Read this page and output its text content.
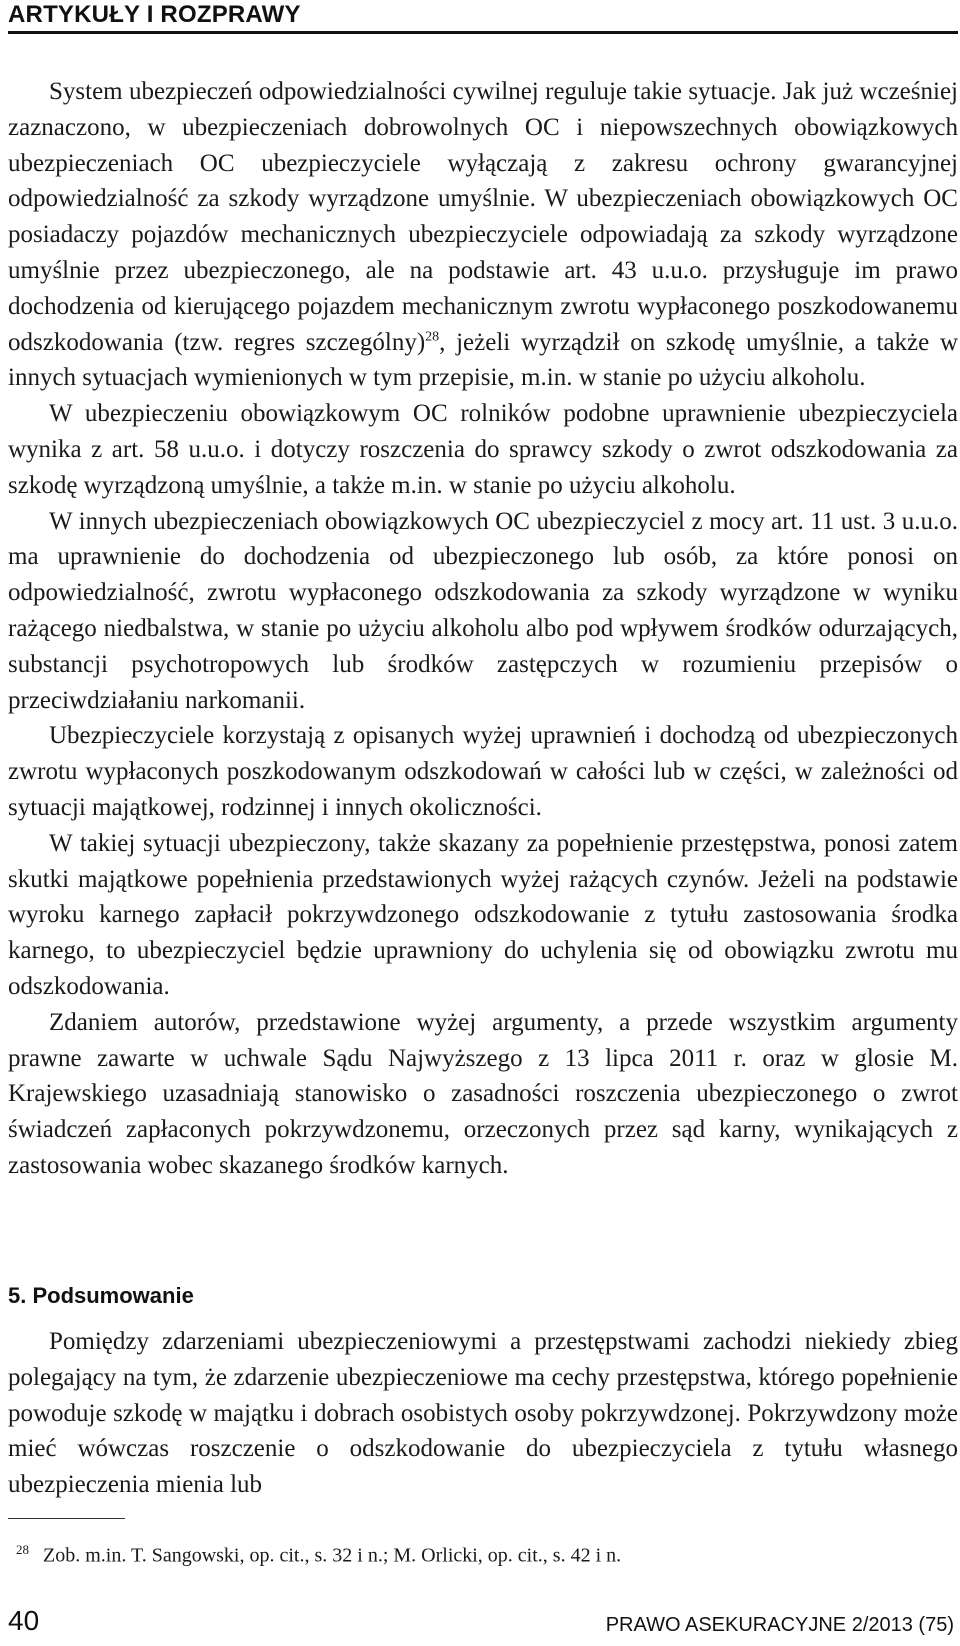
ARTYKUŁY I ROZPRAWY

System ubezpieczeń odpowiedzialności cywilnej reguluje takie sytuacje. Jak już wcześniej zaznaczono, w ubezpieczeniach dobrowolnych OC i niepowszechnych obowiązkowych ubezpieczeniach OC ubezpieczyciele wyłączają z zakresu ochrony gwarancyjnej odpowiedzialność za szkody wyrządzone umyślnie. W ubezpieczeniach obowiązkowych OC posiadaczy pojazdów mechanicznych ubezpieczyciele odpowiadają za szkody wyrządzone umyślnie przez ubezpieczonego, ale na podstawie art. 43 u.u.o. przysługuje im prawo dochodzenia od kierującego pojazdem mechanicznym zwrotu wypłaconego poszkodowanemu odszkodowania (tzw. regres szczególny)$^{28}$, jeżeli wyrządził on szkodę umyślnie, a także w innych sytuacjach wymienionych w tym przepisie, m.in. w stanie po użyciu alkoholu.

W ubezpieczeniu obowiązkowym OC rolników podobne uprawnienie ubezpieczyciela wynika z art. 58 u.u.o. i dotyczy roszczenia do sprawcy szkody o zwrot odszkodowania za szkodę wyrządzoną umyślnie, a także m.in. w stanie po użyciu alkoholu.

W innych ubezpieczeniach obowiązkowych OC ubezpieczyciel z mocy art. 11 ust. 3 u.u.o. ma uprawnienie do dochodzenia od ubezpieczonego lub osób, za które ponosi on odpowiedzialność, zwrotu wypłaconego odszkodowania za szkody wyrządzone w wyniku rażącego niedbalstwa, w stanie po użyciu alkoholu albo pod wpływem środków odurzających, substancji psychotropowych lub środków zastępczych w rozumieniu przepisów o przeciwdziałaniu narkomanii.

Ubezpieczyciele korzystają z opisanych wyżej uprawnień i dochodzą od ubezpieczonych zwrotu wypłaconych poszkodowanym odszkodowań w całości lub w części, w zależności od sytuacji majątkowej, rodzinnej i innych okoliczności.

W takiej sytuacji ubezpieczony, także skazany za popełnienie przestępstwa, ponosi zatem skutki majątkowe popełnienia przedstawionych wyżej rażących czynów. Jeżeli na podstawie wyroku karnego zapłacił pokrzywdzonego odszkodowanie z tytułu zastosowania środka karnego, to ubezpieczyciel będzie uprawniony do uchylenia się od obowiązku zwrotu mu odszkodowania.

Zdaniem autorów, przedstawione wyżej argumenty, a przede wszystkim argumenty prawne zawarte w uchwale Sądu Najwyższego z 13 lipca 2011 r. oraz w glosie M. Krajewskiego uzasadniają stanowisko o zasadności roszczenia ubezpieczonego o zwrot świadczeń zapłaconych pokrzywdzonemu, orzeczonych przez sąd karny, wynikających z zastosowania wobec skazanego środków karnych.

5. Podsumowanie

Pomiędzy zdarzeniami ubezpieczeniowymi a przestępstwami zachodzi niekiedy zbieg polegający na tym, że zdarzenie ubezpieczeniowe ma cechy przestępstwa, którego popełnienie powoduje szkodę w majątku i dobrach osobistych osoby pokrzywdzonej. Pokrzywdzony może mieć wówczas roszczenie o odszkodowanie do ubezpieczyciela z tytułu własnego ubezpieczenia mienia lub

$^{28}$ Zob. m.in. T. Sangowski, op. cit., s. 32 i n.; M. Orlicki, op. cit., s. 42 i n.
40	PRAWO ASEKURACYJNE 2/2013 (75)
